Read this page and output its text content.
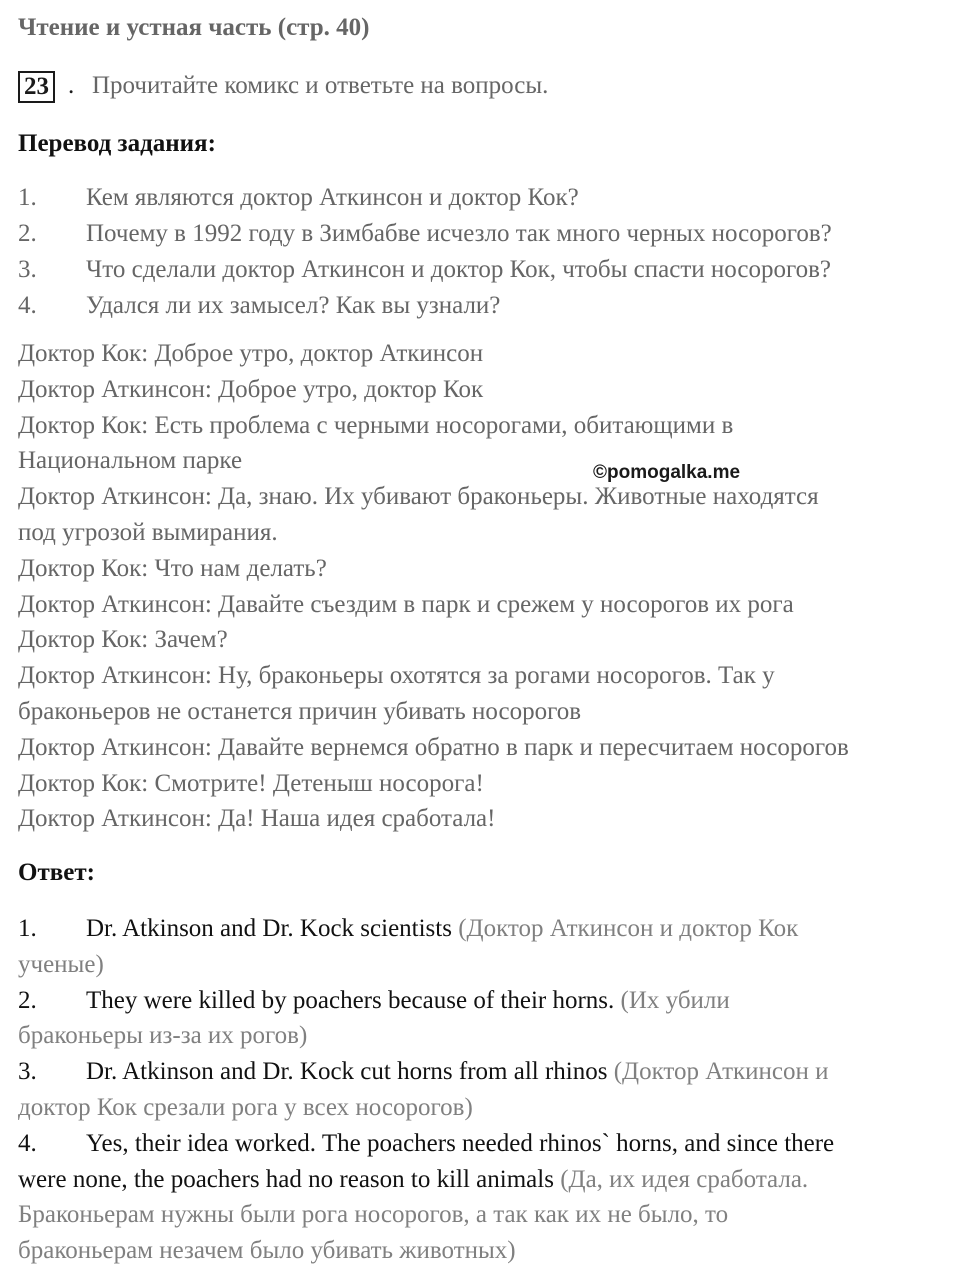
Чтение и устная часть (стр. 40)
23 . Прочитайте комикс и ответьте на вопросы.
Перевод задания:
1. Кем являются доктор Аткинсон и доктор Кок?
2. Почему в 1992 году в Зимбабве исчезло так много черных носорогов?
3. Что сделали доктор Аткинсон и доктор Кок, чтобы спасти носорогов?
4. Удался ли их замысел? Как вы узнали?
Доктор Кок: Доброе утро, доктор Аткинсон
Доктор Аткинсон: Доброе утро, доктор Кок
Доктор Кок: Есть проблема с черными носорогами, обитающими в
Национальном парке
Доктор Аткинсон: Да, знаю. Их убивают браконьеры. Животные находятся
под угрозой вымирания.
Доктор Кок: Что нам делать?
Доктор Аткинсон: Давайте съездим в парк и срежем у носорогов их рога
Доктор Кок: Зачем?
Доктор Аткинсон: Ну, браконьеры охотятся за рогами носорогов. Так у
браконьеров не останется причин убивать носорогов
Доктор Аткинсон: Давайте вернемся обратно в парк и пересчитаем носорогов
Доктор Кок: Смотрите! Детеныш носорога!
Доктор Аткинсон: Да! Наша идея сработала!
©pomogalka.me
Ответ:
1. Dr. Atkinson and Dr. Kock scientists (Доктор Аткинсон и доктор Кок
ученые)
2. They were killed by poachers because of their horns. (Их убили
браконьеры из-за их рогов)
3. Dr. Atkinson and Dr. Kock cut horns from all rhinos (Доктор Аткинсон и
доктор Кок срезали рога у всех носорогов)
4. Yes, their idea worked. The poachers needed rhinos` horns, and since there
were none, the poachers had no reason to kill animals (Да, их идея сработала.
Браконьерам нужны были рога носорогов, а так как их не было, то
браконьерам незачем было убивать животных)
